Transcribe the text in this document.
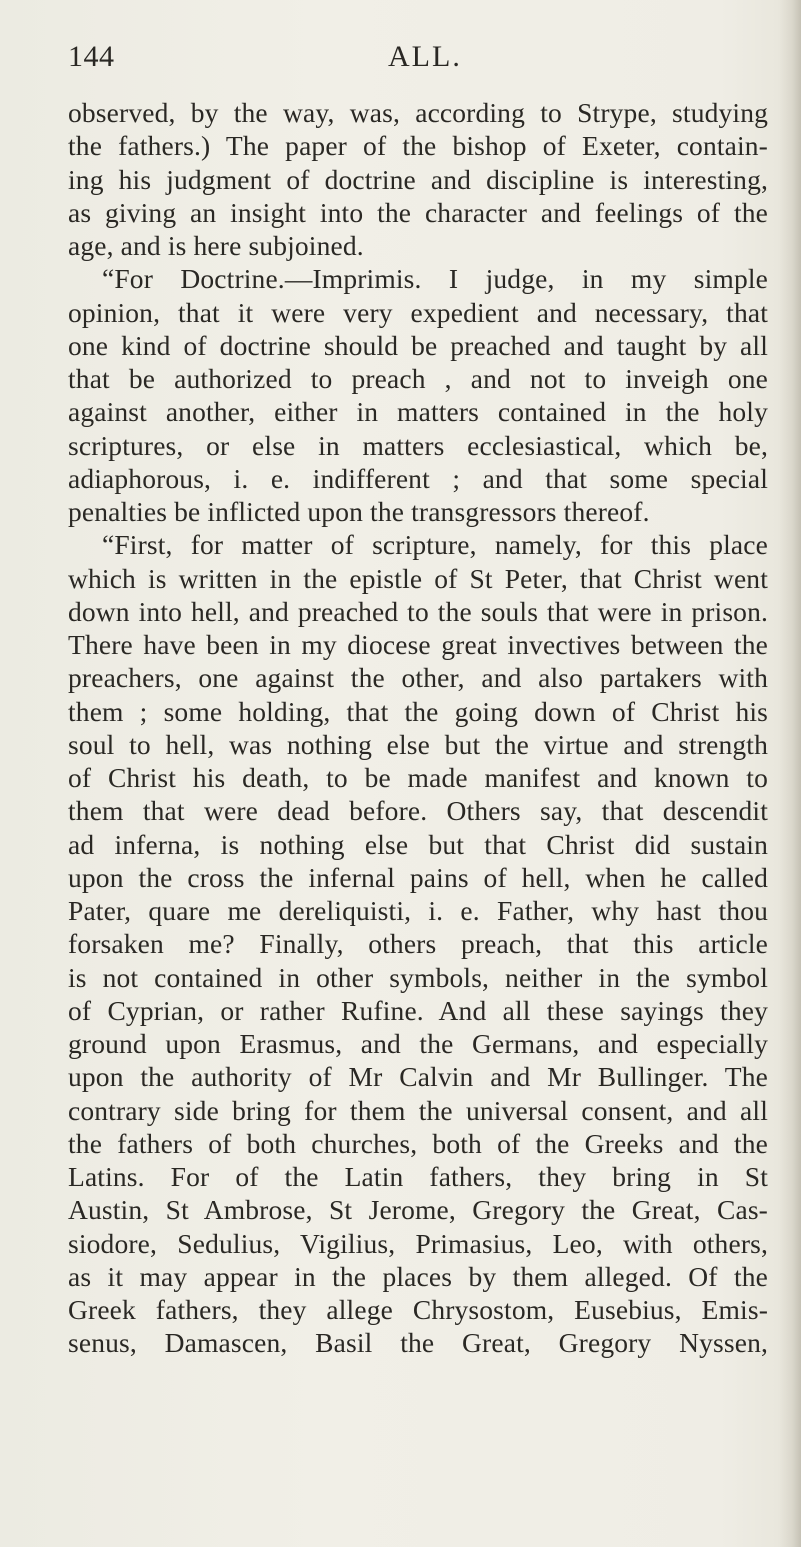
144	ALL.
observed, by the way, was, according to Strype, studying
the fathers.) The paper of the bishop of Exeter, contain-
ing his judgment of doctrine and discipline is interesting,
as giving an insight into the character and feelings of the
age, and is here subjoined.
“For Doctrine.—Imprimis. I judge, in my simple
opinion, that it were very expedient and necessary, that
one kind of doctrine should be preached and taught by all
that be authorized to preach , and not to inveigh one
against another, either in matters contained in the holy
scriptures, or else in matters ecclesiastical, which be,
adiaphorous, i. e. indifferent ; and that some special
penalties be inflicted upon the transgressors thereof.
“First, for matter of scripture, namely, for this place
which is written in the epistle of St Peter, that Christ went
down into hell, and preached to the souls that were in prison.
There have been in my diocese great invectives between the
preachers, one against the other, and also partakers with
them ; some holding, that the going down of Christ his
soul to hell, was nothing else but the virtue and strength
of Christ his death, to be made manifest and known to
them that were dead before. Others say, that descendit
ad inferna, is nothing else but that Christ did sustain
upon the cross the infernal pains of hell, when he called
Pater, quare me dereliquisti, i. e. Father, why hast thou
forsaken me? Finally, others preach, that this article
is not contained in other symbols, neither in the symbol
of Cyprian, or rather Rufine. And all these sayings they
ground upon Erasmus, and the Germans, and especially
upon the authority of Mr Calvin and Mr Bullinger. The
contrary side bring for them the universal consent, and all
the fathers of both churches, both of the Greeks and the
Latins. For of the Latin fathers, they bring in St
Austin, St Ambrose, St Jerome, Gregory the Great, Cas-
siodore, Sedulius, Vigilius, Primasius, Leo, with others,
as it may appear in the places by them alleged. Of the
Greek fathers, they allege Chrysostom, Eusebius, Emis-
senus, Damascen, Basil the Great, Gregory Nyssen,
